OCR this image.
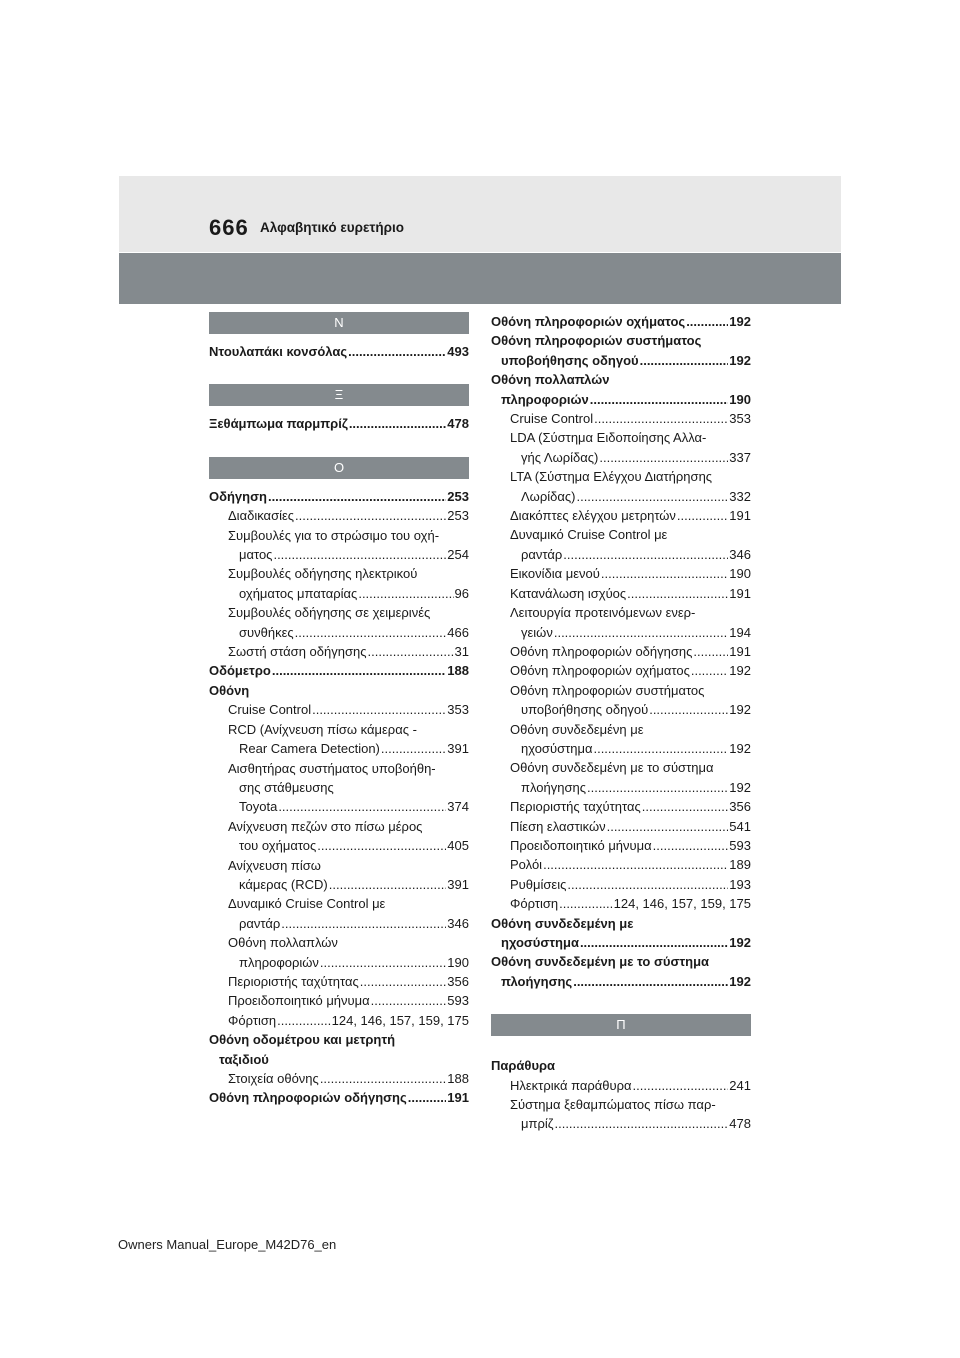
666 Αλφαβητικό ευρετήριο
Ν
Ντουλαπάκι κονσόλας .....	493
Ξ
Ξεθάμπωμα παρμπρίζ .....	478
Ο
Οδήγηση .....	253
Διαδικασίες .....	253
Συμβουλές για το στρώσιμο του οχή-
ματος .....	254
Συμβουλές οδήγησης ηλεκτρικού
οχήματος μπαταρίας .....	96
Συμβουλές οδήγησης σε χειμερινές
συνθήκες .....	466
Σωστή στάση οδήγησης .....	31
Οδόμετρο .....	188
Οθόνη
Cruise Control .....	353
RCD (Ανίχνευση πίσω κάμερας -
Rear Camera Detection) .....	391
Αισθητήρας συστήματος υποβοήθη-
σης στάθμευσης
Toyota .....	374
Ανίχνευση πεζών στο πίσω μέρος
του οχήματος .....	405
Ανίχνευση πίσω
κάμερας (RCD) .....	391
Δυναμικό Cruise Control με
ραντάρ .....	346
Οθόνη πολλαπλών
πληροφοριών .....	190
Περιοριστής ταχύτητας .....	356
Προειδοποιητικό μήνυμα .....	593
Φόρτιση .....	124, 146, 157, 159, 175
Οθόνη οδομέτρου και μετρητή
ταξιδιού
Στοιχεία οθόνης .....	188
Οθόνη πληροφοριών οδήγησης .....	191
Οθόνη πληροφοριών οχήματος .....	192
Οθόνη πληροφοριών συστήματος
υποβοήθησης οδηγού .....	192
Οθόνη πολλαπλών
πληροφοριών .....	190
Cruise Control .....	353
LDA (Σύστημα Ειδοποίησης Αλλα-
γής Λωρίδας) .....	337
LTA (Σύστημα Ελέγχου Διατήρησης
Λωρίδας) .....	332
Διακόπτες ελέγχου μετρητών .....	191
Δυναμικό Cruise Control με
ραντάρ .....	346
Εικονίδια μενού .....	190
Κατανάλωση ισχύος .....	191
Λειτουργία προτεινόμενων ενερ-
γειών .....	194
Οθόνη πληροφοριών οδήγησης .....	191
Οθόνη πληροφοριών οχήματος .....	192
Οθόνη πληροφοριών συστήματος
υποβοήθησης οδηγού .....	192
Οθόνη συνδεδεμένη με
ηχοσύστημα .....	192
Οθόνη συνδεδεμένη με το σύστημα
πλοήγησης .....	192
Περιοριστής ταχύτητας .....	356
Πίεση ελαστικών .....	541
Προειδοποιητικό μήνυμα .....	593
Ρολόι .....	189
Ρυθμίσεις .....	193
Φόρτιση .....	124, 146, 157, 159, 175
Οθόνη συνδεδεμένη με
ηχοσύστημα .....	192
Οθόνη συνδεδεμένη με το σύστημα
πλοήγησης .....	192
Π
Παράθυρα
Ηλεκτρικά παράθυρα .....	241
Σύστημα ξεθαμπώματος πίσω παρ-
μπρίζ .....	478
Owners Manual_Europe_M42D76_en
